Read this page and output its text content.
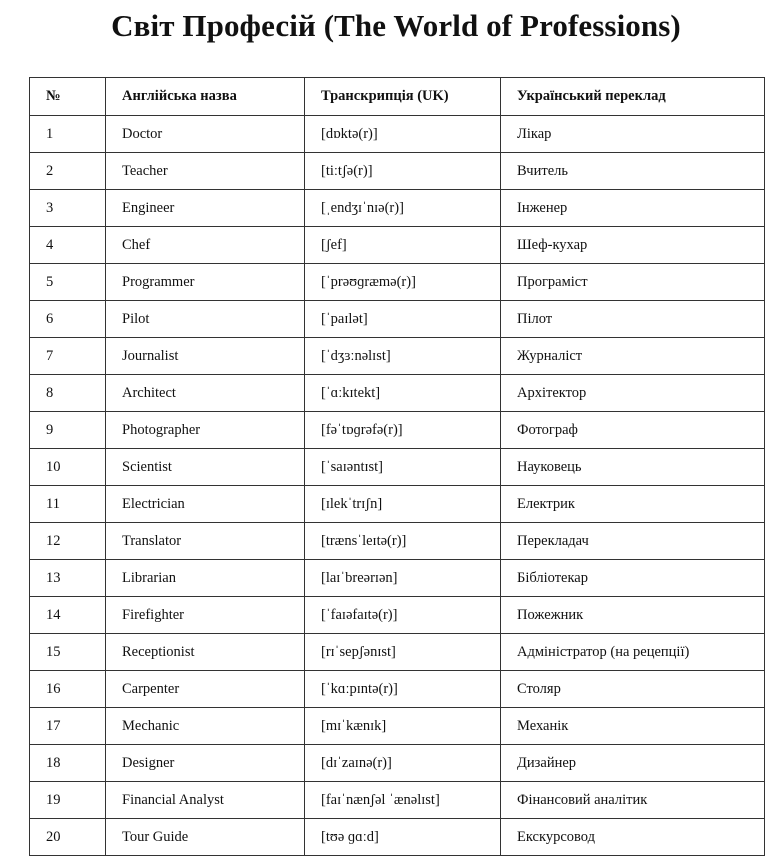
Світ Професій (The World of Professions)
№	Англійська назва	Транскрипція (UK)	Український переклад
1	Doctor	[dɒktə(r)]	Лікар
2	Teacher	[tiːtʃə(r)]	Вчитель
3	Engineer	[ˌendʒɪˈnɪə(r)]	Інженер
4	Chef	[ʃef]	Шеф-кухар
5	Programmer	[ˈprəʊɡræmə(r)]	Програміст
6	Pilot	[ˈpaɪlət]	Пілот
7	Journalist	[ˈdʒɜːnəlɪst]	Журналіст
8	Architect	[ˈɑːkɪtekt]	Архітектор
9	Photographer	[fəˈtɒɡrəfə(r)]	Фотограф
10	Scientist	[ˈsaɪəntɪst]	Науковець
11	Electrician	[ɪlekˈtrɪʃn]	Електрик
12	Translator	[trænsˈleɪtə(r)]	Перекладач
13	Librarian	[laɪˈbreərɪən]	Бібліотекар
14	Firefighter	[ˈfaɪəfaɪtə(r)]	Пожежник
15	Receptionist	[rɪˈsepʃənɪst]	Адміністратор (на рецепції)
16	Carpenter	[ˈkɑːpɪntə(r)]	Столяр
17	Mechanic	[mɪˈkænɪk]	Механік
18	Designer	[dɪˈzaɪnə(r)]	Дизайнер
19	Financial Analyst	[faɪˈnænʃəl ˈænəlɪst]	Фінансовий аналітик
20	Tour Guide	[tʊə ɡɑːd]	Екскурсовод
